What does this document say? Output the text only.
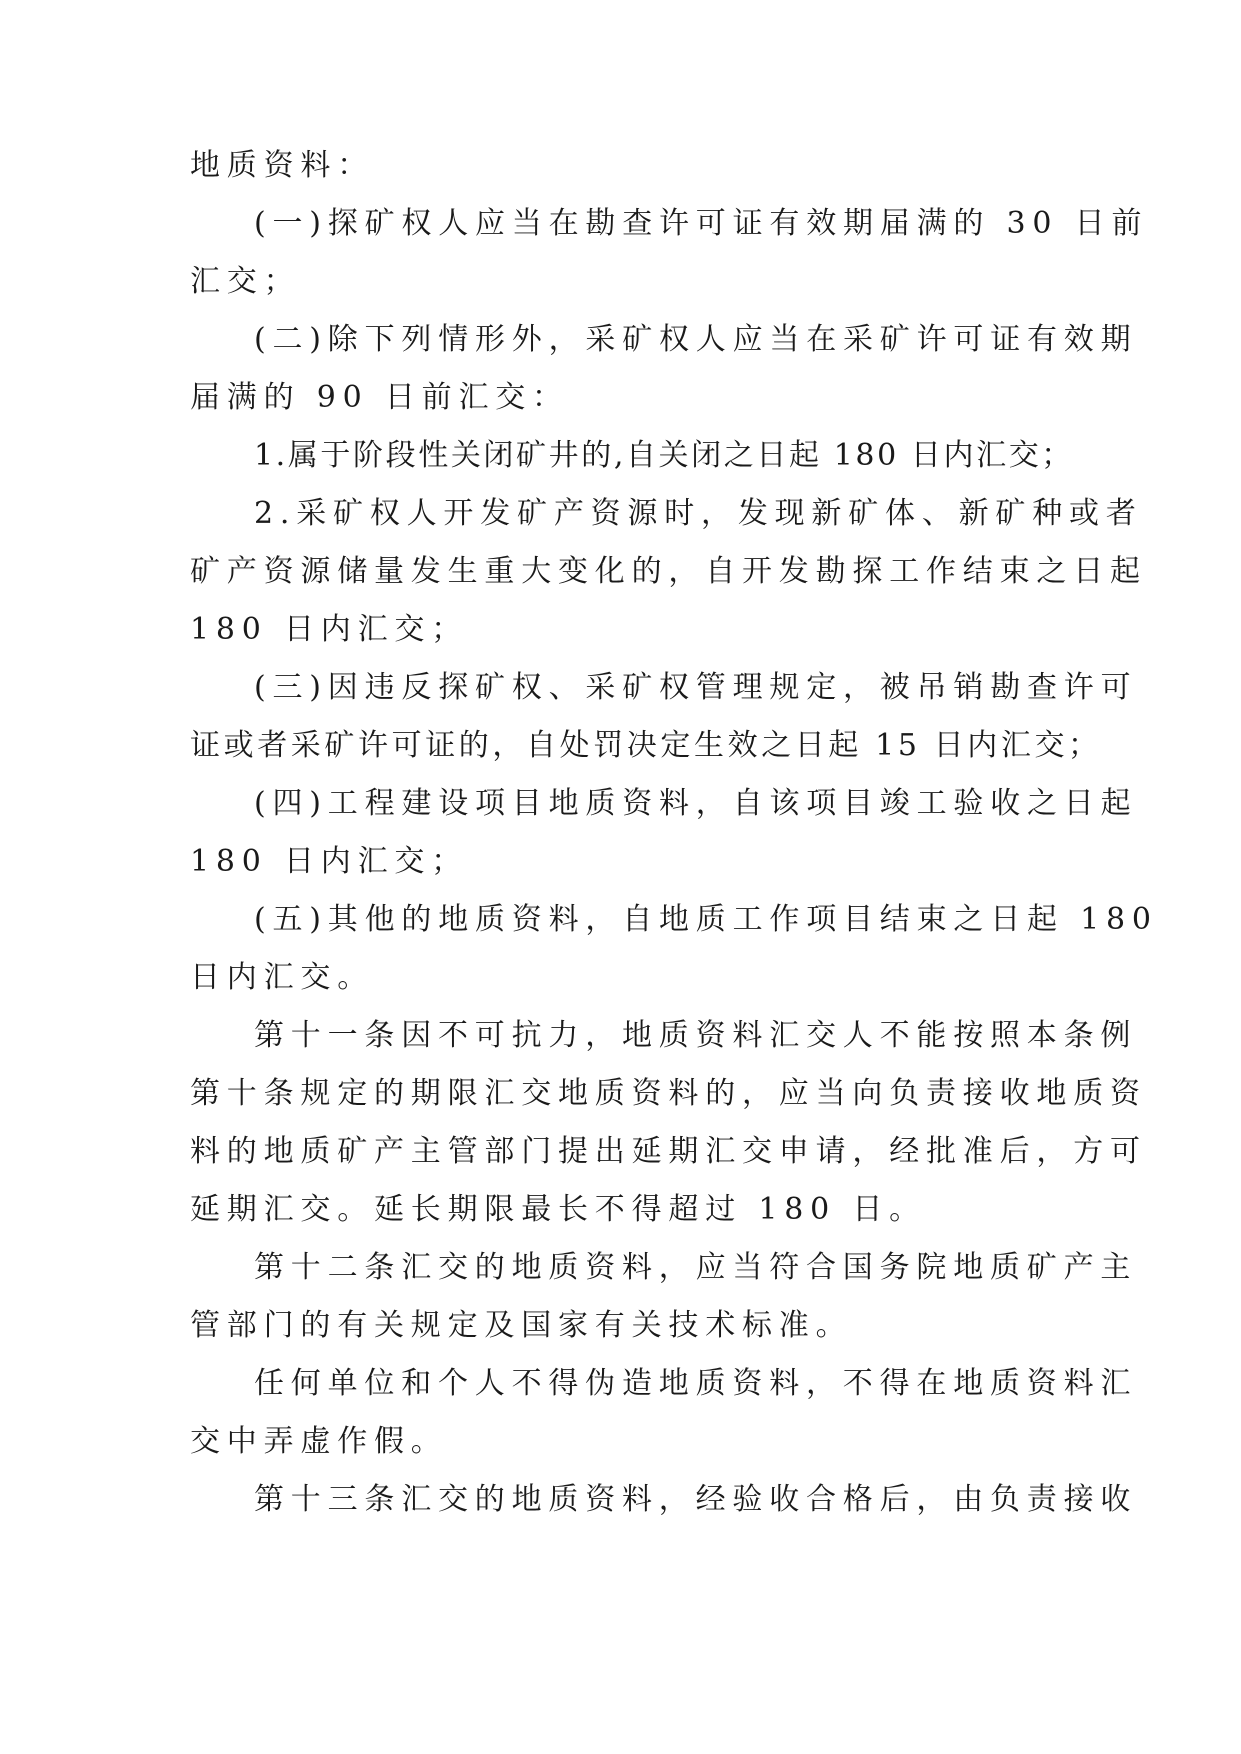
地质资料：
(一)探矿权人应当在勘查许可证有效期届满的 30 日前
汇交；
(二)除下列情形外，采矿权人应当在采矿许可证有效期
届满的 90 日前汇交：
1.属于阶段性关闭矿井的,自关闭之日起 180 日内汇交；
2.采矿权人开发矿产资源时，发现新矿体、新矿种或者
矿产资源储量发生重大变化的，自开发勘探工作结束之日起
180 日内汇交；
(三)因违反探矿权、采矿权管理规定，被吊销勘查许可
证或者采矿许可证的，自处罚决定生效之日起 15 日内汇交；
(四)工程建设项目地质资料，自该项目竣工验收之日起
180 日内汇交；
(五)其他的地质资料，自地质工作项目结束之日起 180
日内汇交。
第十一条因不可抗力，地质资料汇交人不能按照本条例
第十条规定的期限汇交地质资料的，应当向负责接收地质资
料的地质矿产主管部门提出延期汇交申请，经批准后，方可
延期汇交。延长期限最长不得超过 180 日。
第十二条汇交的地质资料，应当符合国务院地质矿产主
管部门的有关规定及国家有关技术标准。
任何单位和个人不得伪造地质资料，不得在地质资料汇
交中弄虚作假。
第十三条汇交的地质资料，经验收合格后，由负责接收
